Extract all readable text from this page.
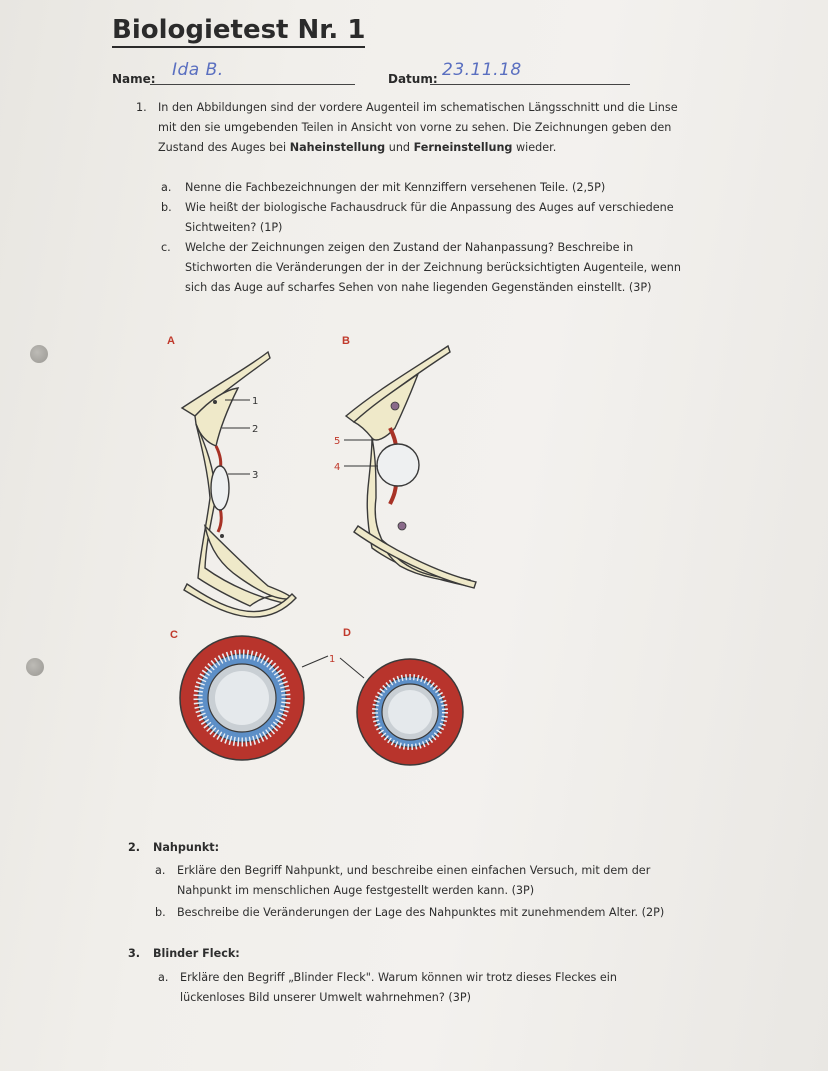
Biologietest Nr. 1
Name: Ida B.	Datum: 23.11.18
1. In den Abbildungen sind der vordere Augenteil im schematischen Längsschnitt und die Linse
mit den sie umgebenden Teilen in Ansicht von vorne zu sehen. Die Zeichnungen geben den
Zustand des Auges bei Naheinstellung und Ferneinstellung wieder.
a. Nenne die Fachbezeichnungen der mit Kennziffern versehenen Teile. (2,5P)
b. Wie heißt der biologische Fachausdruck für die Anpassung des Auges auf verschiedene
Sichtweiten? (1P)
c. Welche der Zeichnungen zeigen den Zustand der Nahanpassung? Beschreibe in
Stichworten die Veränderungen der in der Zeichnung berücksichtigten Augenteile, wenn
sich das Auge auf scharfes Sehen von nahe liegenden Gegenständen einstellt. (3P)
A	B
C	D
1
2
3
5
4
1
2. Nahpunkt:
a. Erkläre den Begriff Nahpunkt, und beschreibe einen einfachen Versuch, mit dem der
Nahpunkt im menschlichen Auge festgestellt werden kann. (3P)
b. Beschreibe die Veränderungen der Lage des Nahpunktes mit zunehmendem Alter. (2P)
3. Blinder Fleck:
a. Erkläre den Begriff „Blinder Fleck". Warum können wir trotz dieses Fleckes ein
lückenloses Bild unserer Umwelt wahrnehmen? (3P)
